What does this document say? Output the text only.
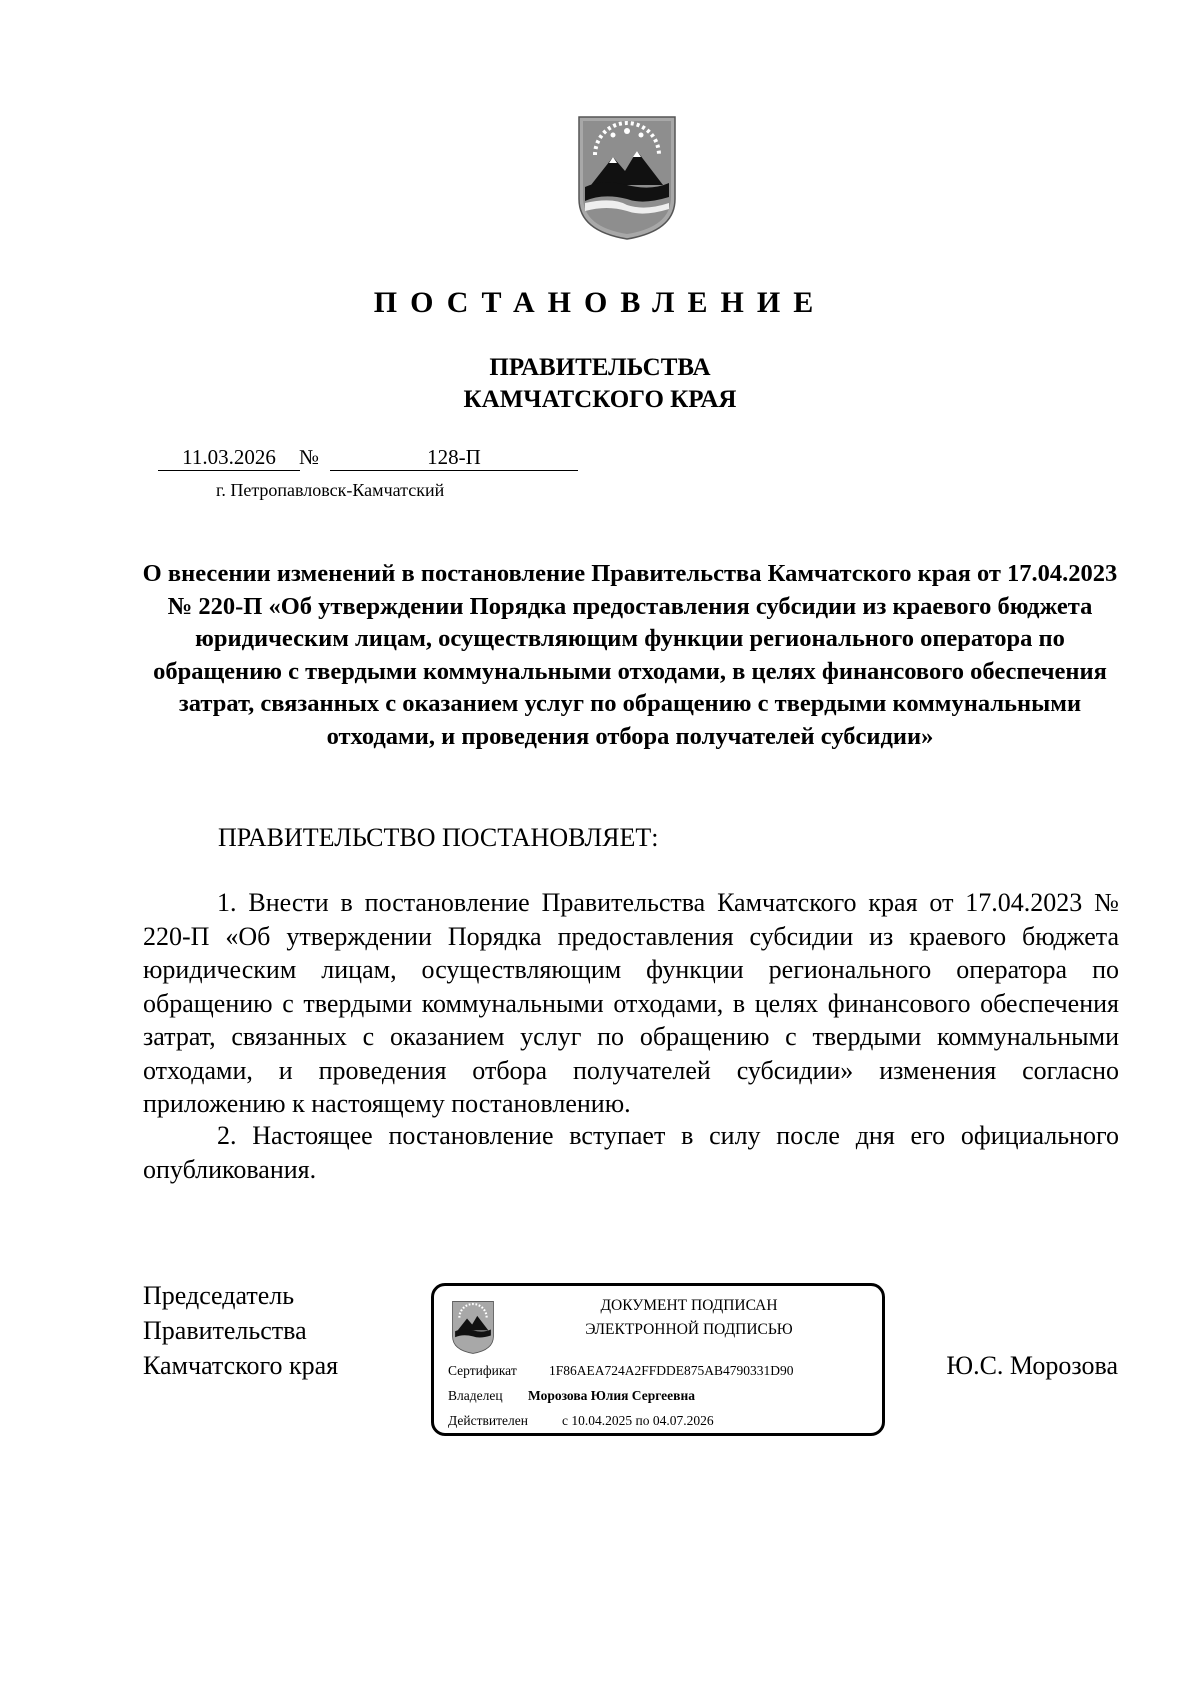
ПОСТАНОВЛЕНИЕ
ПРАВИТЕЛЬСТВА
КАМЧАТСКОГО КРАЯ
11.03.2026	№	128-П
г. Петропавловск-Камчатский
О внесении изменений в постановление Правительства Камчатского края от 17.04.2023 № 220-П «Об утверждении Порядка предоставления субсидии из краевого бюджета юридическим лицам, осуществляющим функции регионального оператора по обращению с твердыми коммунальными отходами, в целях финансового обеспечения затрат, связанных с оказанием услуг по обращению с твердыми коммунальными отходами, и проведения отбора получателей субсидии»
ПРАВИТЕЛЬСТВО ПОСТАНОВЛЯЕТ:

1. Внести в постановление Правительства Камчатского края от 17.04.2023 № 220-П «Об утверждении Порядка предоставления субсидии из краевого бюджета юридическим лицам, осуществляющим функции регионального оператора по обращению с твердыми коммунальными отходами, в целях финансового обеспечения затрат, связанных с оказанием услуг по обращению с твердыми коммунальными отходами, и проведения отбора получателей субсидии» изменения согласно приложению к настоящему постановлению.

2. Настоящее постановление вступает в силу после дня его официального опубликования.

Председатель
Правительства
Камчатского края	Ю.С. Морозова
ДОКУМЕНТ ПОДПИСАН
ЭЛЕКТРОННОЙ ПОДПИСЬЮ
Сертификат 1F86AEA724A2FFDDE875AB4790331D90
Владелец Морозова Юлия Сергеевна
Действителен	с 10.04.2025 по 04.07.2026
